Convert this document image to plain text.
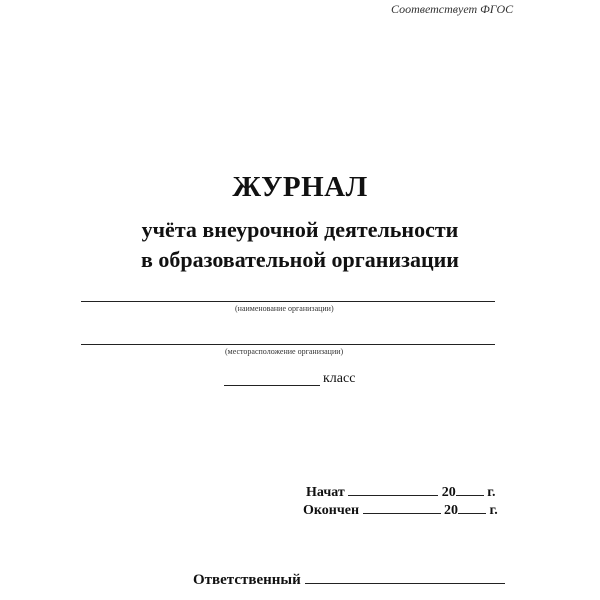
Соответствует ФГОС
ЖУРНАЛ
учёта внеурочной деятельности
в образовательной организации
(наименование организации)
(месторасположение организации)
класс
Начат	20 г.
Окончен	20 г.
Ответственный
